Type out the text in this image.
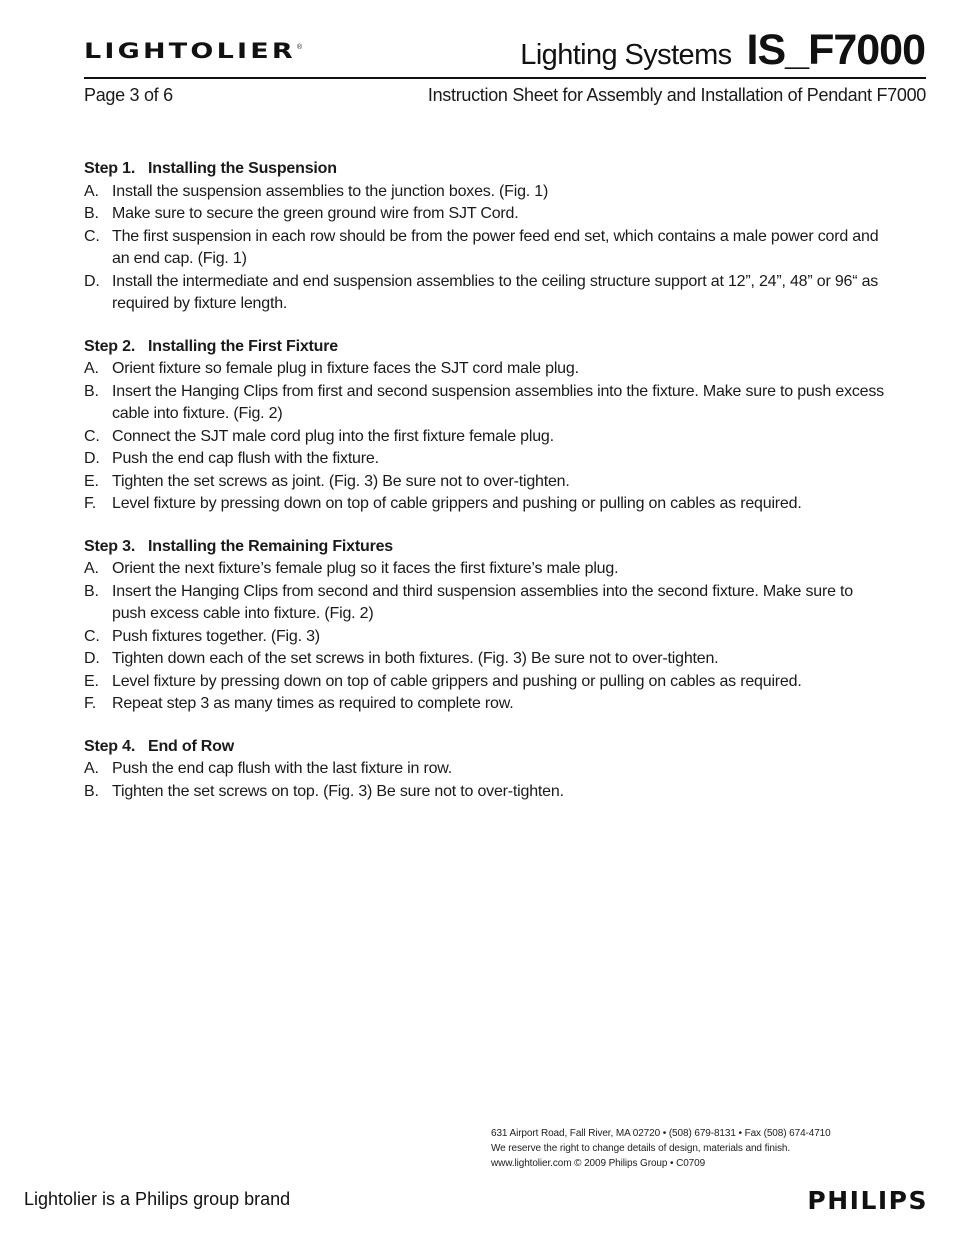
LIGHTOLIER ®	Lighting Systems IS_F7000
Page 3 of 6	Instruction Sheet for Assembly and Installation of Pendant F7000
Step 1. Installing the Suspension
A. Install the suspension assemblies to the junction boxes. (Fig. 1)
B. Make sure to secure the green ground wire from SJT Cord.
C. The first suspension in each row should be from the power feed end set, which contains a male power cord and an end cap. (Fig. 1)
D. Install the intermediate and end suspension assemblies to the ceiling structure support at 12”, 24”, 48” or 96“ as required by fixture length.
Step 2. Installing the First Fixture
A. Orient fixture so female plug in fixture faces the SJT cord male plug.
B. Insert the Hanging Clips from first and second suspension assemblies into the fixture. Make sure to push excess cable into fixture. (Fig. 2)
C. Connect the SJT male cord plug into the first fixture female plug.
D. Push the end cap flush with the fixture.
E. Tighten the set screws as joint. (Fig. 3) Be sure not to over-tighten.
F. Level fixture by pressing down on top of cable grippers and pushing or pulling on cables as required.
Step 3. Installing the Remaining Fixtures
A. Orient the next fixture’s female plug so it faces the first fixture’s male plug.
B. Insert the Hanging Clips from second and third suspension assemblies into the second fixture. Make sure to push excess cable into fixture. (Fig. 2)
C. Push fixtures together. (Fig. 3)
D. Tighten down each of the set screws in both fixtures. (Fig. 3) Be sure not to over-tighten.
E. Level fixture by pressing down on top of cable grippers and pushing or pulling on cables as required.
F. Repeat step 3 as many times as required to complete row.
Step 4. End of Row
A. Push the end cap flush with the last fixture in row.
B. Tighten the set screws on top. (Fig. 3) Be sure not to over-tighten.
631 Airport Road, Fall River, MA 02720 • (508) 679-8131 • Fax (508) 674-4710
We reserve the right to change details of design, materials and finish.
www.lightolier.com © 2009 Philips Group • C0709
Lightolier is a Philips group brand	PHILIPS
